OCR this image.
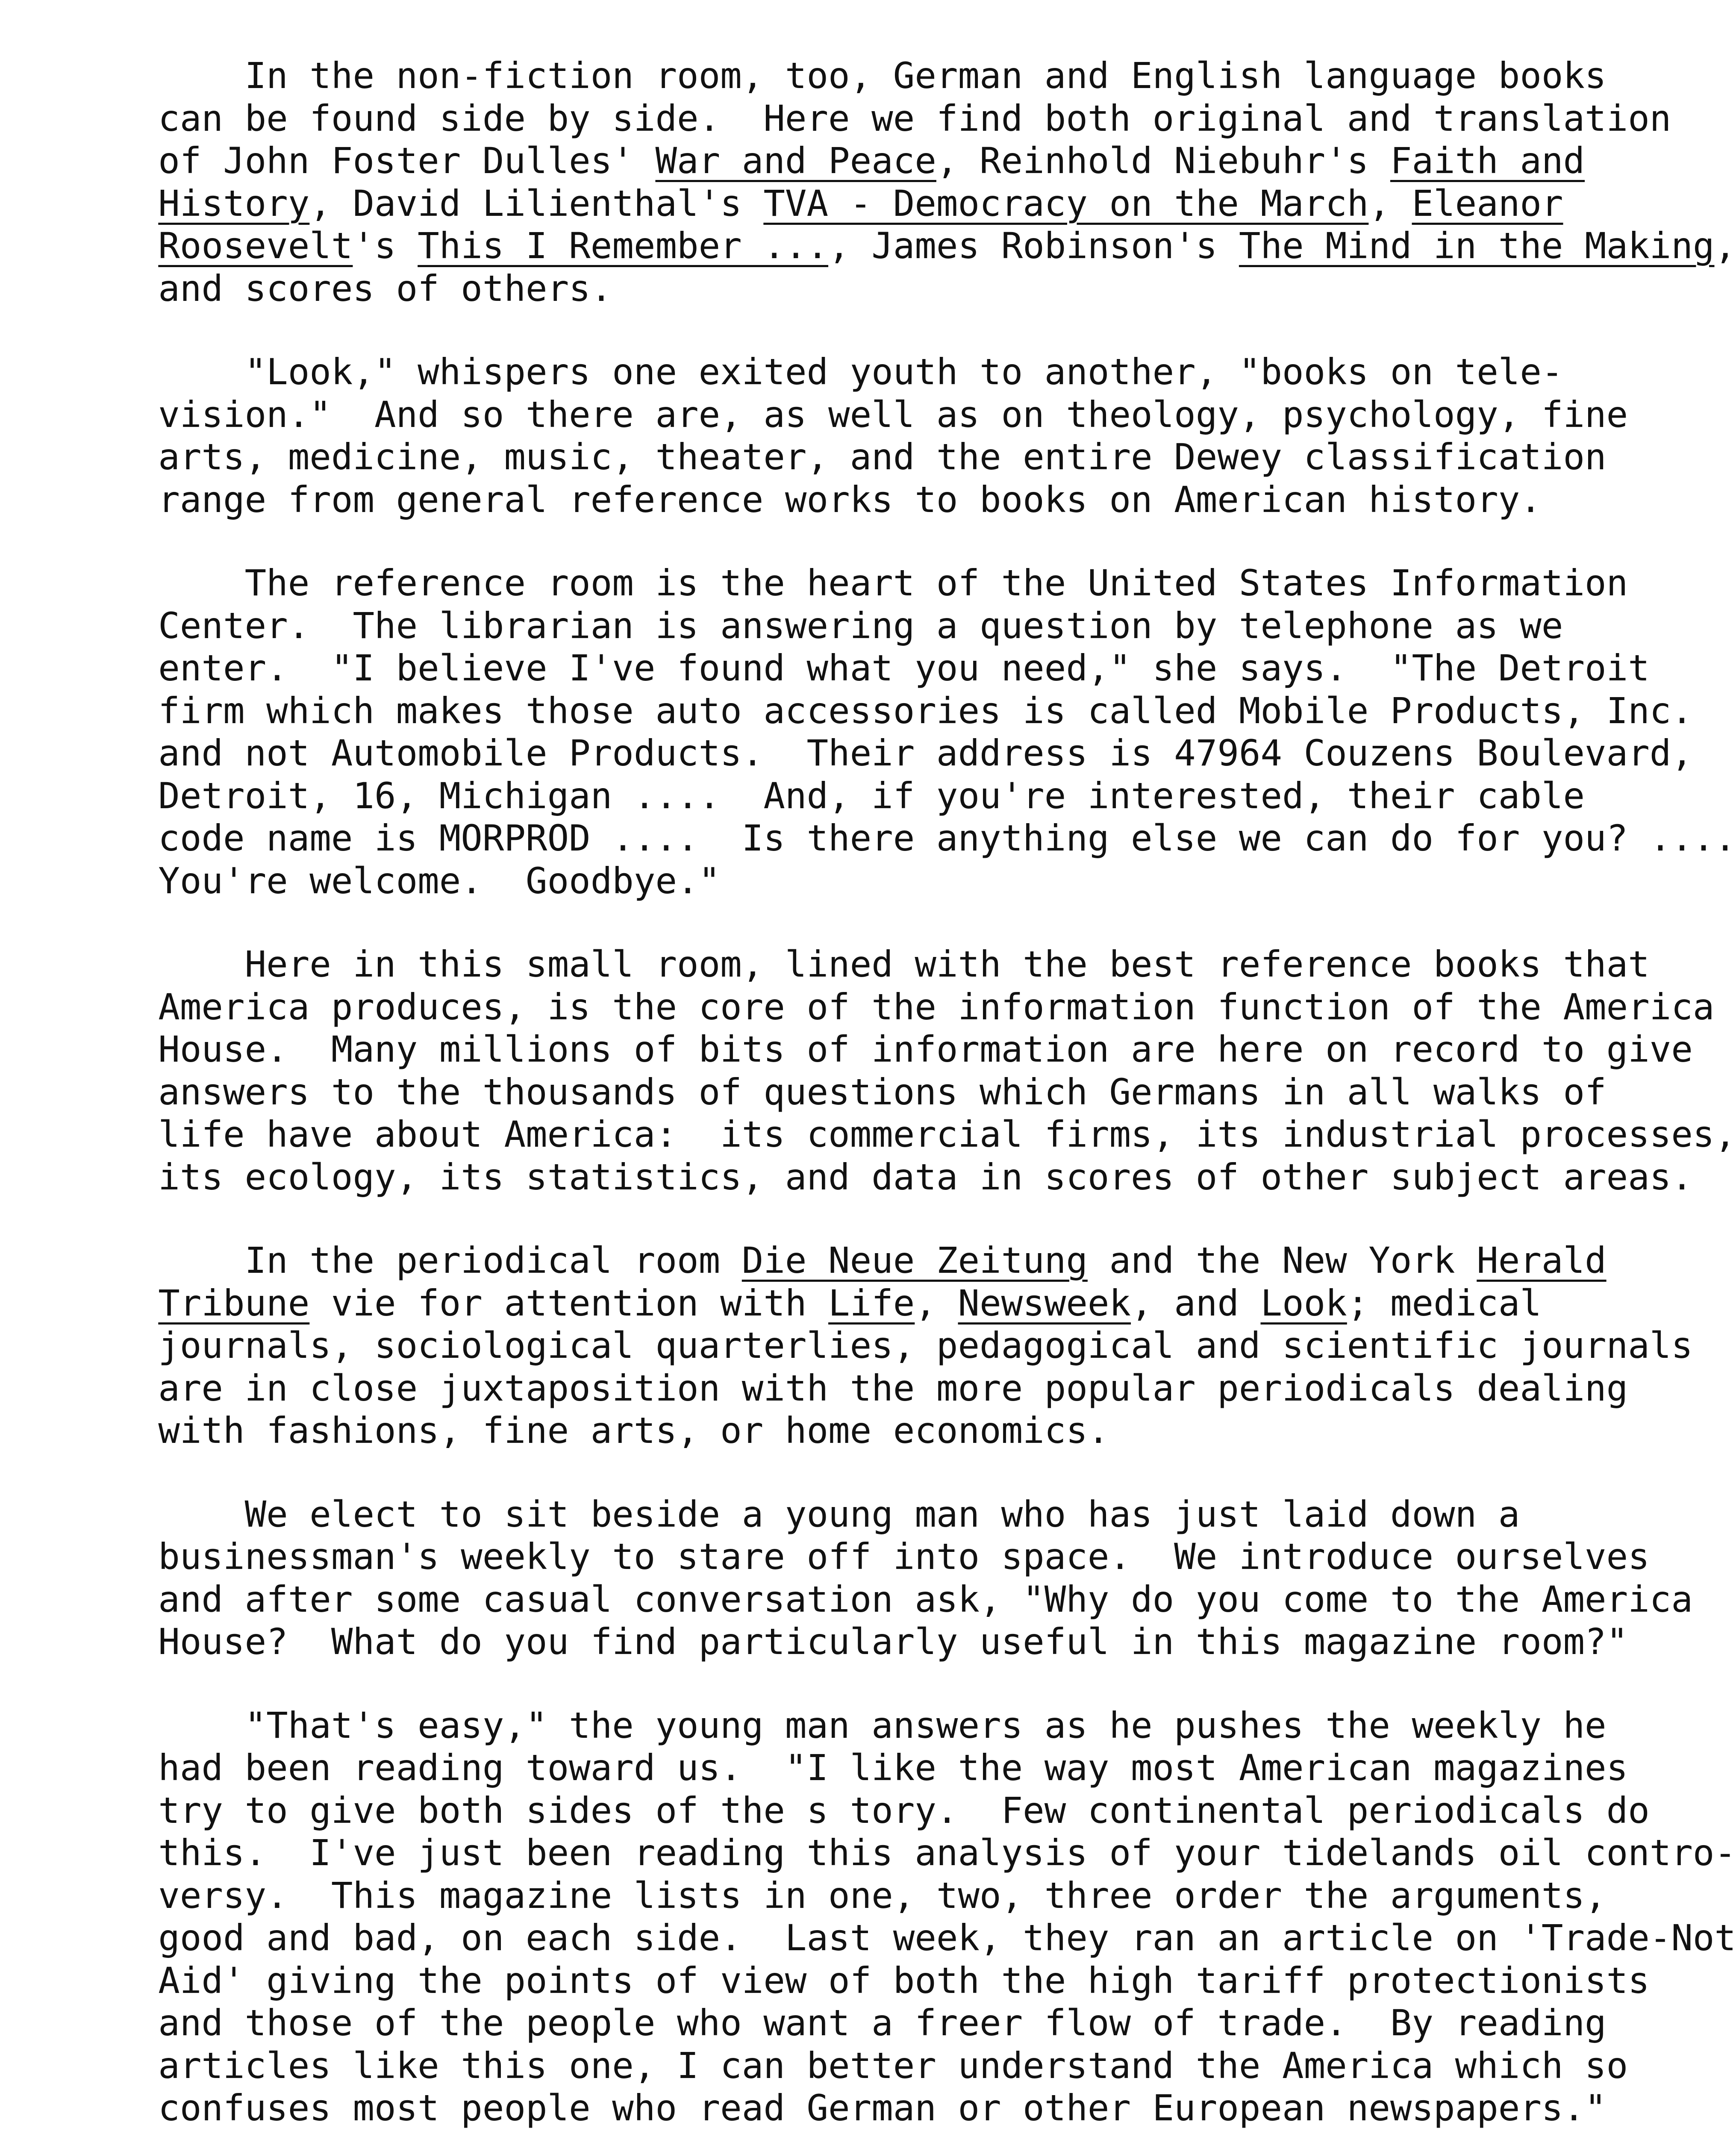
In the non-fiction room, too, German and English language books
can be found side by side.  Here we find both original and translation
of John Foster Dulles' War and Peace, Reinhold Niebuhr's Faith and
History, David Lilienthal's TVA - Democracy on the March, Eleanor
Roosevelt's This I Remember ..., James Robinson's The Mind in the Making,
and scores of others.
"Look," whispers one exited youth to another, "books on tele-
vision."  And so there are, as well as on theology, psychology, fine
arts, medicine, music, theater, and the entire Dewey classification
range from general reference works to books on American history.
The reference room is the heart of the United States Information
Center.  The librarian is answering a question by telephone as we
enter.  "I believe I've found what you need," she says.  "The Detroit
firm which makes those auto accessories is called Mobile Products, Inc.
and not Automobile Products.  Their address is 47964 Couzens Boulevard,
Detroit, 16, Michigan ....  And, if you're interested, their cable
code name is MORPROD ....  Is there anything else we can do for you? ....
You're welcome.  Goodbye."
Here in this small room, lined with the best reference books that
America produces, is the core of the information function of the America
House.  Many millions of bits of information are here on record to give
answers to the thousands of questions which Germans in all walks of
life have about America:  its commercial firms, its industrial processes,
its ecology, its statistics, and data in scores of other subject areas.
In the periodical room Die Neue Zeitung and the New York Herald
Tribune vie for attention with Life, Newsweek, and Look; medical
journals, sociological quarterlies, pedagogical and scientific journals
are in close juxtaposition with the more popular periodicals dealing
with fashions, fine arts, or home economics.
We elect to sit beside a young man who has just laid down a
businessman's weekly to stare off into space.  We introduce ourselves
and after some casual conversation ask, "Why do you come to the America
House?  What do you find particularly useful in this magazine room?"
"That's easy," the young man answers as he pushes the weekly he
had been reading toward us.  "I like the way most American magazines
try to give both sides of the s tory.  Few continental periodicals do
this.  I've just been reading this analysis of your tidelands oil contro-
versy.  This magazine lists in one, two, three order the arguments,
good and bad, on each side.  Last week, they ran an article on 'Trade-Not
Aid' giving the points of view of both the high tariff protectionists
and those of the people who want a freer flow of trade.  By reading
articles like this one, I can better understand the America which so
confuses most people who read German or other European newspapers."
